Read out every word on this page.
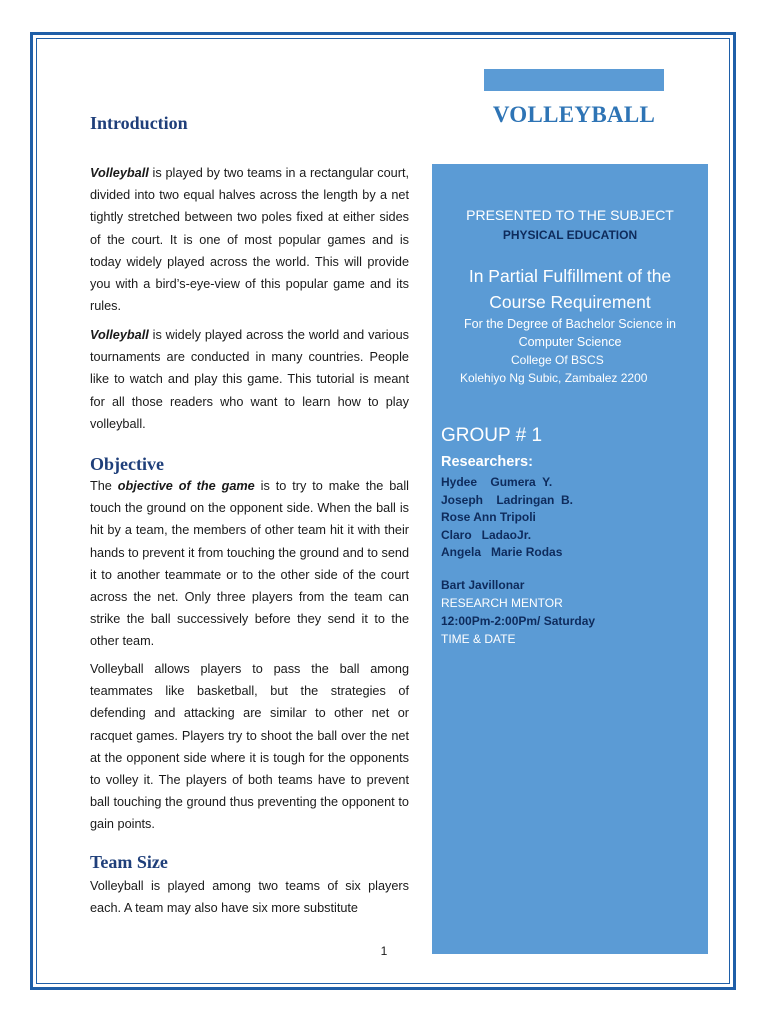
Introduction

Volleyball is played by two teams in a rectangular court, divided into two equal halves across the length by a net tightly stretched between two poles fixed at either sides of the court. It is one of most popular games and is today widely played across the world. This will provide you with a bird’s-eye-view of this popular game and its rules.

Volleyball is widely played across the world and various tournaments are conducted in many countries. People like to watch and play this game. This tutorial is meant for all those readers who want to learn how to play volleyball.

Objective

The objective of the game is to try to make the ball touch the ground on the opponent side. When the ball is hit by a team, the members of other team hit it with their hands to prevent it from touching the ground and to send it to another teammate or to the other side of the court across the net. Only three players from the team can strike the ball successively before they send it to the other team.

Volleyball allows players to pass the ball among teammates like basketball, but the strategies of defending and attacking are similar to other net or racquet games. Players try to shoot the ball over the net at the opponent side where it is tough for the opponents to volley it. The players of both teams have to prevent ball touching the ground thus preventing the opponent to gain points.

Team Size

Volleyball is played among two teams of six players each. A team may also have six more substitute

1
VOLLEYBALL
PRESENTED TO THE SUBJECT
PHYSICAL EDUCATION
In Partial Fulfillment of the
Course Requirement
For the Degree of Bachelor Science in
Computer Science
College Of BSCS
Kolehiyo Ng Subic, Zambalez 2200
GROUP # 1
Researchers:
Hydee    Gumera  Y.
Joseph    Ladringan  B.
Rose Ann Tripoli
Claro   LadaoJr.
Angela   Marie Rodas
Bart Javillonar
RESEARCH MENTOR
12:00Pm-2:00Pm/ Saturday
TIME & DATE
